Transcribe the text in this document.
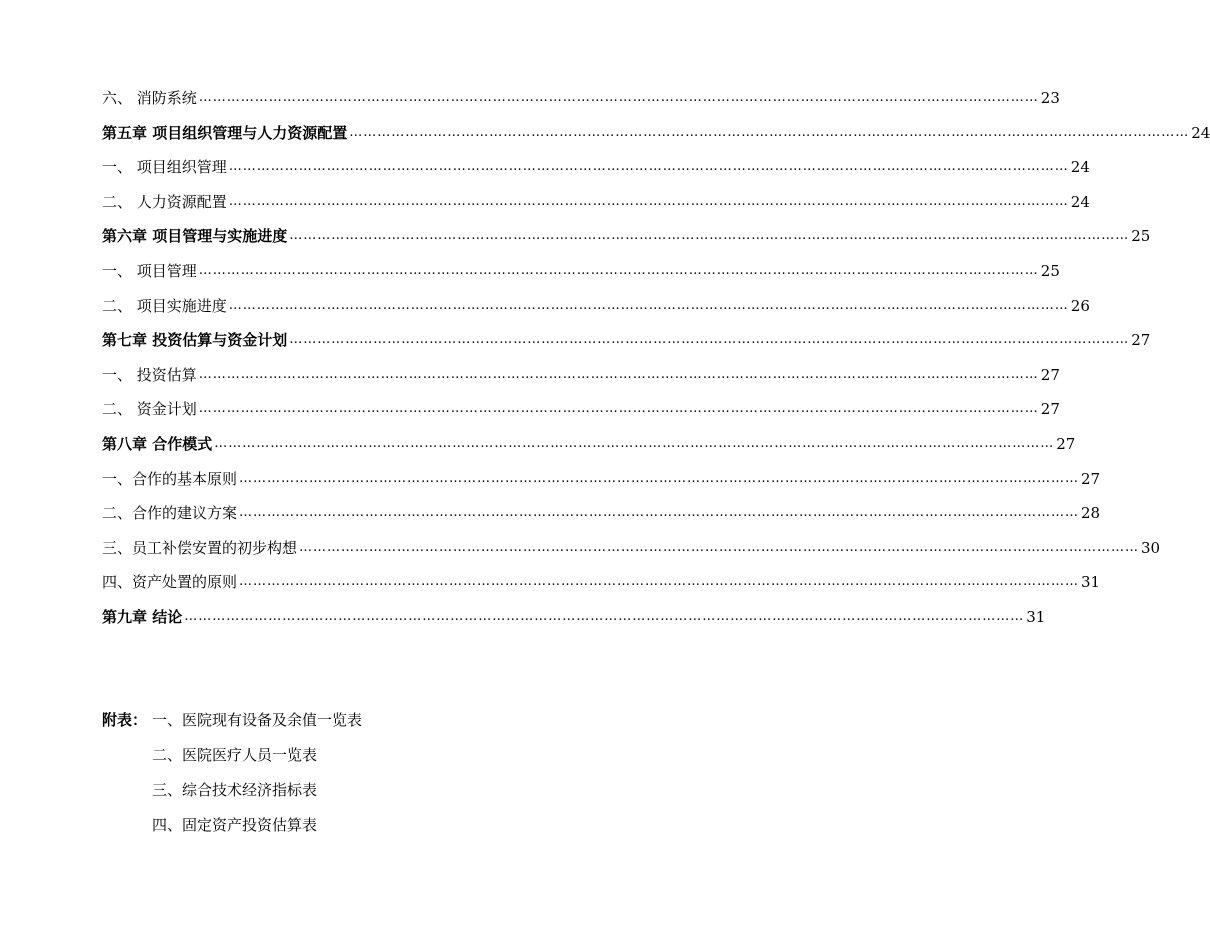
六、 消防系统 ……………………………………………………………………………………………………………………………………………………………… 23
第五章 项目组织管理与人力资源配置 ……………………………………………………………………………………………………………………………………………………………… 24
一、 项目组织管理 ……………………………………………………………………………………………………………………………………………………………… 24
二、 人力资源配置 ……………………………………………………………………………………………………………………………………………………………… 24
第六章 项目管理与实施进度 ……………………………………………………………………………………………………………………………………………………………… 25
一、 项目管理 ……………………………………………………………………………………………………………………………………………………………… 25
二、 项目实施进度 ……………………………………………………………………………………………………………………………………………………………… 26
第七章 投资估算与资金计划 ……………………………………………………………………………………………………………………………………………………………… 27
一、 投资估算 ……………………………………………………………………………………………………………………………………………………………… 27
二、 资金计划 ……………………………………………………………………………………………………………………………………………………………… 27
第八章 合作模式 ……………………………………………………………………………………………………………………………………………………………… 27
一、合作的基本原则 ……………………………………………………………………………………………………………………………………………………………… 27
二、合作的建议方案 ……………………………………………………………………………………………………………………………………………………………… 28
三、员工补偿安置的初步构想 ……………………………………………………………………………………………………………………………………………………………… 30
四、资产处置的原则 ……………………………………………………………………………………………………………………………………………………………… 31
第九章 结论 ……………………………………………………………………………………………………………………………………………………………… 31
附表： 一、医院现有设备及余值一览表
二、医院医疗人员一览表
三、综合技术经济指标表
四、固定资产投资估算表
